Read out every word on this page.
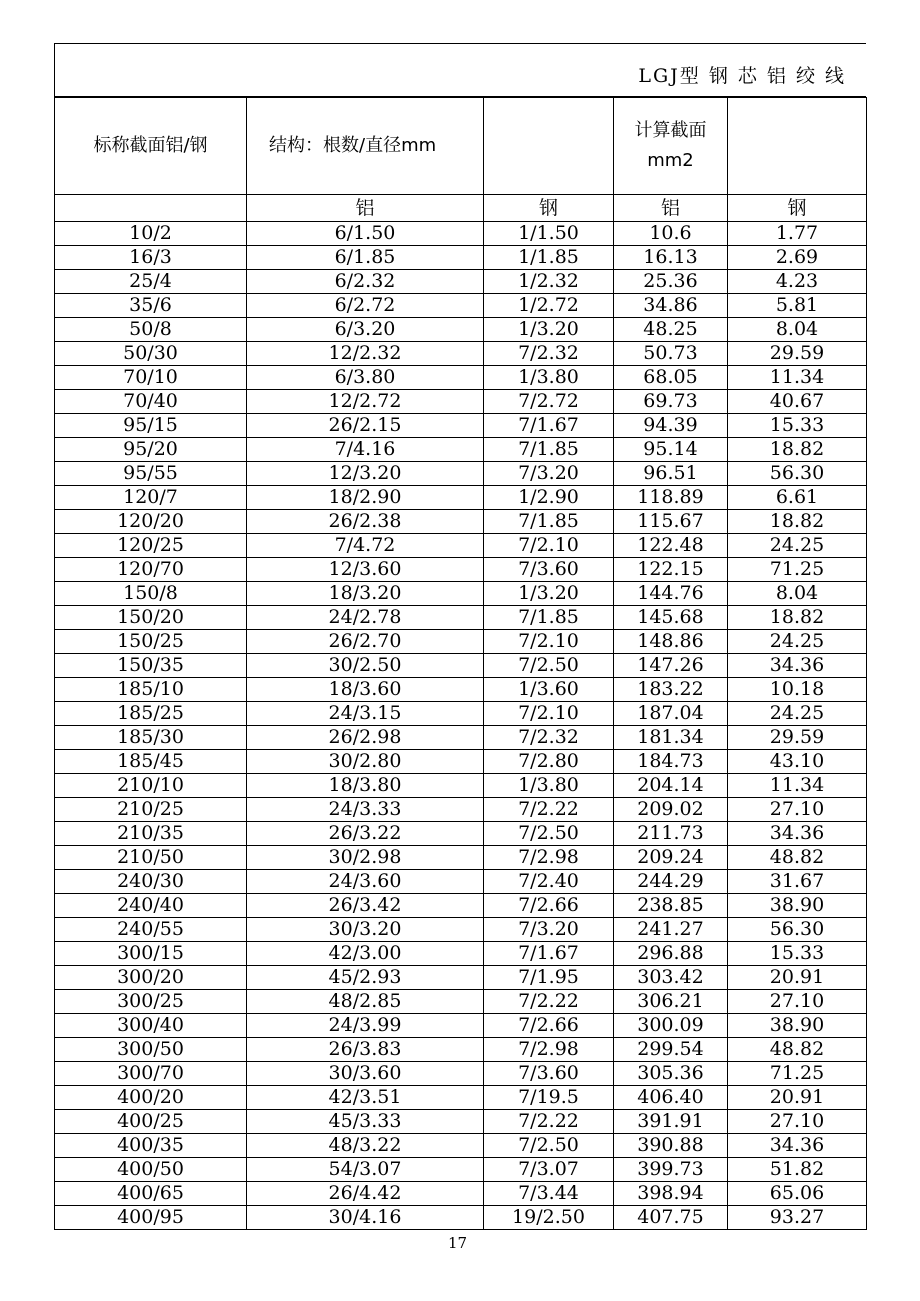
LGJ型 钢 芯 铝 绞 线
标称截面铝/钢	结构：根数/直径mm		计算截面
mm2	

	铝	钢	铝	钢
10/2	6/1.50	1/1.50	10.6	1.77
16/3	6/1.85	1/1.85	16.13	2.69
25/4	6/2.32	1/2.32	25.36	4.23
35/6	6/2.72	1/2.72	34.86	5.81
50/8	6/3.20	1/3.20	48.25	8.04
50/30	12/2.32	7/2.32	50.73	29.59
70/10	6/3.80	1/3.80	68.05	11.34
70/40	12/2.72	7/2.72	69.73	40.67
95/15	26/2.15	7/1.67	94.39	15.33
95/20	7/4.16	7/1.85	95.14	18.82
95/55	12/3.20	7/3.20	96.51	56.30
120/7	18/2.90	1/2.90	118.89	6.61
120/20	26/2.38	7/1.85	115.67	18.82
120/25	7/4.72	7/2.10	122.48	24.25
120/70	12/3.60	7/3.60	122.15	71.25
150/8	18/3.20	1/3.20	144.76	8.04
150/20	24/2.78	7/1.85	145.68	18.82
150/25	26/2.70	7/2.10	148.86	24.25
150/35	30/2.50	7/2.50	147.26	34.36
185/10	18/3.60	1/3.60	183.22	10.18
185/25	24/3.15	7/2.10	187.04	24.25
185/30	26/2.98	7/2.32	181.34	29.59
185/45	30/2.80	7/2.80	184.73	43.10
210/10	18/3.80	1/3.80	204.14	11.34
210/25	24/3.33	7/2.22	209.02	27.10
210/35	26/3.22	7/2.50	211.73	34.36
210/50	30/2.98	7/2.98	209.24	48.82
240/30	24/3.60	7/2.40	244.29	31.67
240/40	26/3.42	7/2.66	238.85	38.90
240/55	30/3.20	7/3.20	241.27	56.30
300/15	42/3.00	7/1.67	296.88	15.33
300/20	45/2.93	7/1.95	303.42	20.91
300/25	48/2.85	7/2.22	306.21	27.10
300/40	24/3.99	7/2.66	300.09	38.90
300/50	26/3.83	7/2.98	299.54	48.82
300/70	30/3.60	7/3.60	305.36	71.25
400/20	42/3.51	7/19.5	406.40	20.91
400/25	45/3.33	7/2.22	391.91	27.10
400/35	48/3.22	7/2.50	390.88	34.36
400/50	54/3.07	7/3.07	399.73	51.82
400/65	26/4.42	7/3.44	398.94	65.06
400/95	30/4.16	19/2.50	407.75	93.27
17
